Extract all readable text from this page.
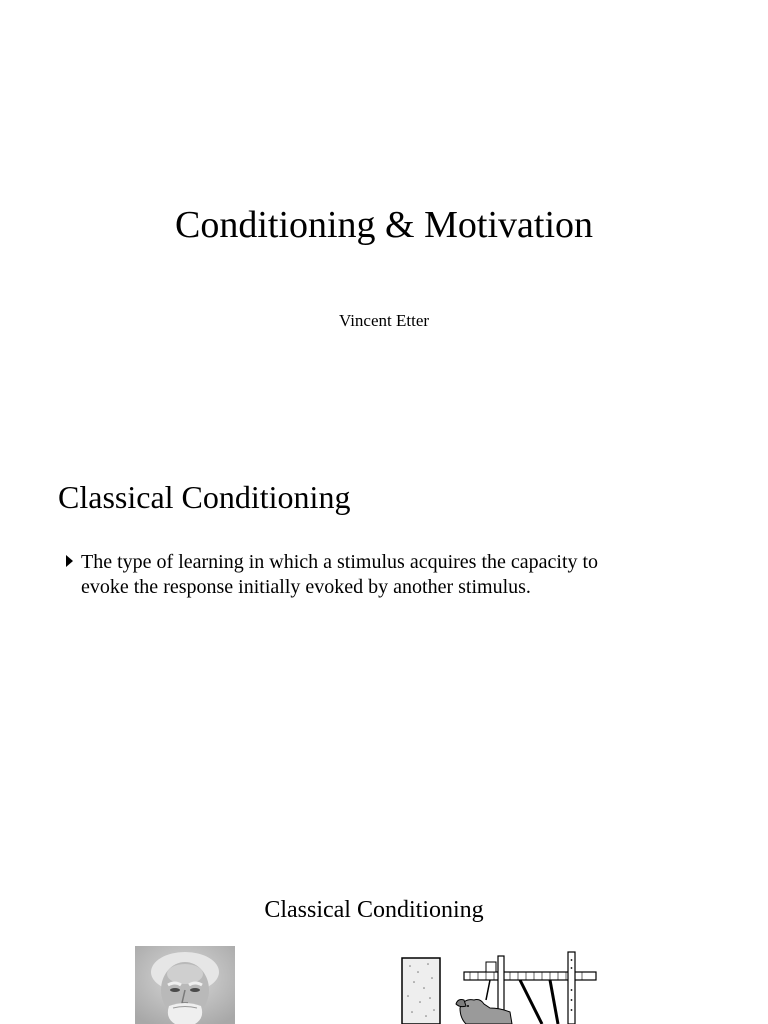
Conditioning & Motivation
Vincent Etter
Classical Conditioning
The type of learning in which a stimulus acquires the capacity to
evoke the response initially evoked by another stimulus.
Classical Conditioning
